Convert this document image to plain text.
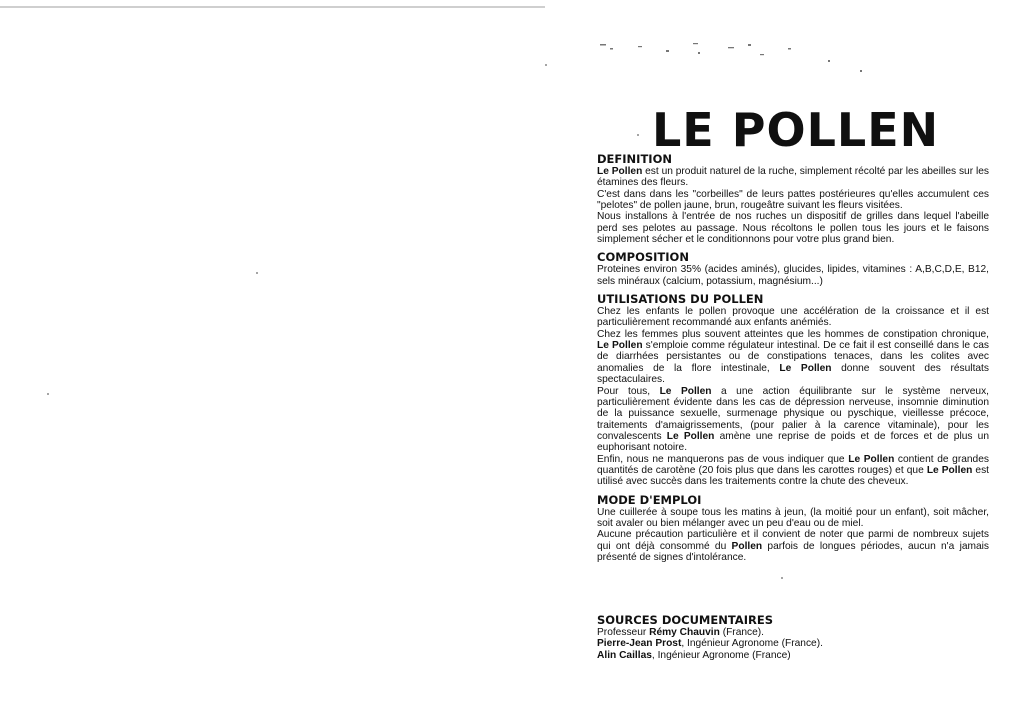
LE POLLEN

DEFINITION

Le Pollen est un produit naturel de la ruche, simplement récolté par les abeilles sur les étamines des fleurs.

C'est dans dans les "corbeilles" de leurs pattes postérieures qu'elles accumulent ces "pelotes" de pollen jaune, brun, rougeâtre suivant les fleurs visitées.

Nous installons à l'entrée de nos ruches un dispositif de grilles dans lequel l'abeille perd ses pelotes au passage. Nous récoltons le pollen tous les jours et le faisons simplement sécher et le conditionnons pour votre plus grand bien.

COMPOSITION

Proteines environ 35% (acides aminés), glucides, lipides, vitamines : A,B,C,D,E, B12, sels minéraux (calcium, potassium, magnésium...)

UTILISATIONS DU POLLEN

Chez les enfants le pollen provoque une accélération de la croissance et il est particulièrement recommandé aux enfants anémiés.

Chez les femmes plus souvent atteintes que les hommes de constipation chronique, Le Pollen s'emploie comme régulateur intestinal. De ce fait il est conseillé dans le cas de diarrhées persistantes ou de constipations tenaces, dans les colites avec anomalies de la flore intestinale, Le Pollen donne souvent des résultats spectaculaires.

Pour tous, Le Pollen a une action équilibrante sur le système nerveux, particulièrement évidente dans les cas de dépression nerveuse, insomnie diminution de la puissance sexuelle, surmenage physique ou pyschique, vieillesse précoce, traitements d'amaigrissements, (pour palier à la carence vitaminale), pour les convalescents Le Pollen amène une reprise de poids et de forces et de plus un euphorisant notoire.

Enfin, nous ne manquerons pas de vous indiquer que Le Pollen contient de grandes quantités de carotène (20 fois plus que dans les carottes rouges) et que Le Pollen est utilisé avec succès dans les traitements contre la chute des cheveux.

MODE D'EMPLOI

Une cuillerée à soupe tous les matins à jeun, (la moitié pour un enfant), soit mâcher, soit avaler ou bien mélanger avec un peu d'eau ou de miel.

Aucune précaution particulière et il convient de noter que parmi de nombreux sujets qui ont déjà consommé du Pollen parfois de longues périodes, aucun n'a jamais présenté de signes d'intolérance.

SOURCES DOCUMENTAIRES

Professeur Rémy Chauvin (France).

Pierre-Jean Prost, Ingénieur Agronome (France).

Alin Caillas, Ingénieur Agronome (France)
